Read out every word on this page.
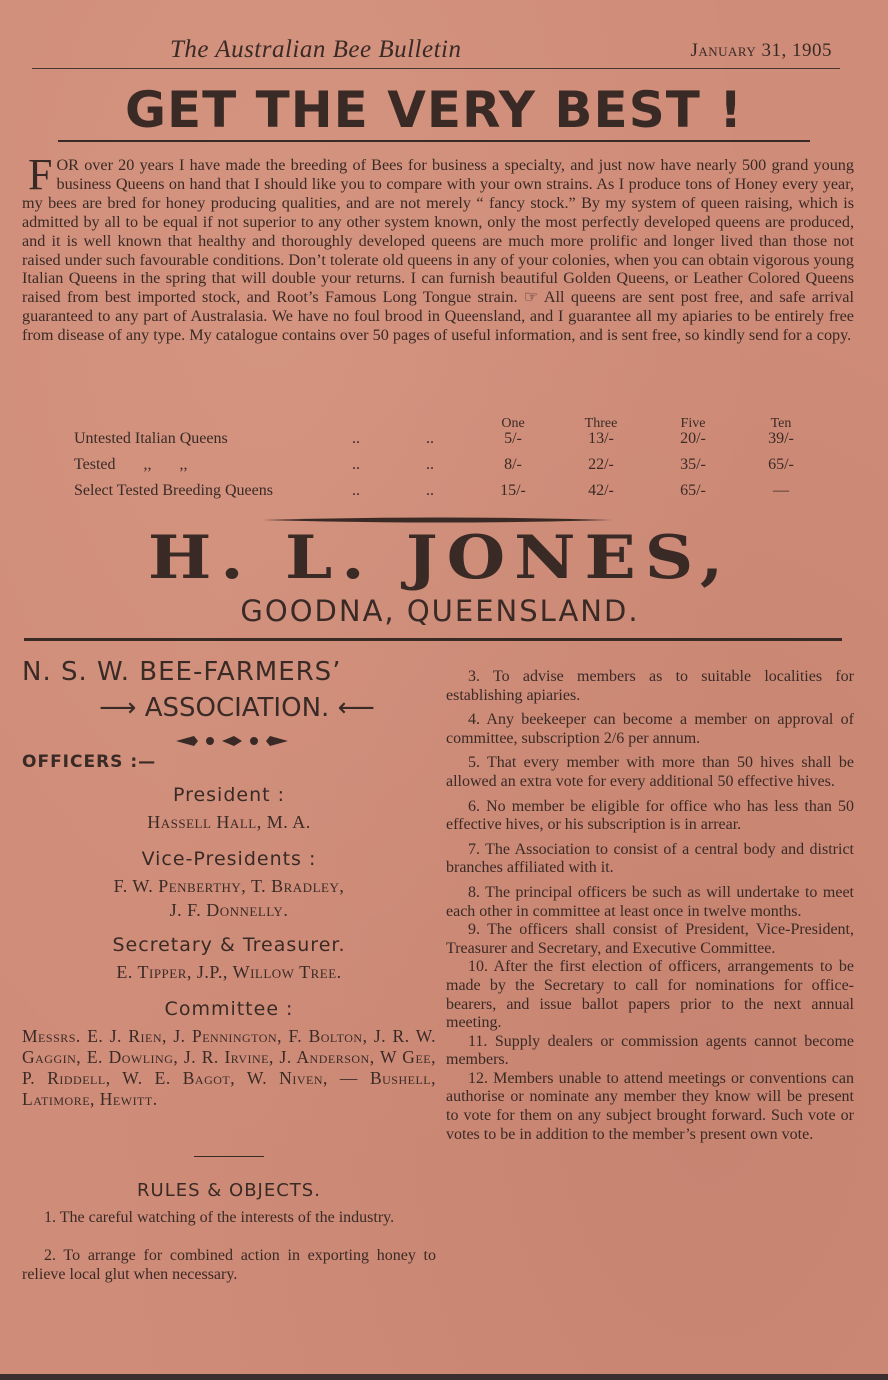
The Australian Bee Bulletin	January 31, 1905
GET THE VERY BEST !
FOR over 20 years I have made the breeding of Bees for business a specialty, and just now have nearly 500 grand young business Queens on hand that I should like you to compare with your own strains. As I produce tons of Honey every year, my bees are bred for honey producing qualities, and are not merely “ fancy stock.” By my system of queen raising, which is admitted by all to be equal if not superior to any other system known, only the most perfectly developed queens are produced, and it is well known that healthy and thoroughly developed queens are much more prolific and longer lived than those not raised under such favourable conditions. Don’t tolerate old queens in any of your colonies, when you can obtain vigorous young Italian Queens in the spring that will double your returns. I can furnish beautiful Golden Queens, or Leather Colored Queens raised from best imported stock, and Root’s Famous Long Tongue strain. ☞ All queens are sent post free, and safe arrival guaranteed to any part of Australasia. We have no foul brood in Queensland, and I guarantee all my apiaries to be entirely free from disease of any type. My catalogue contains over 50 pages of useful information, and is sent free, so kindly send for a copy.
One	Three	Five	Ten
Untested Italian Queens	..	..	5/-	13/-	20/-	39/-
Tested       ,,       ,,	..	..	8/-	22/-	35/-	65/-
Select Tested Breeding Queens	..	..	15/-	42/-	65/-	—
H. L. JONES,
GOODNA, QUEENSLAND.
N. S. W. BEE-FARMERS’
⟶ ASSOCIATION. ⟵
OFFICERS :—
President :
Hassell Hall, M. A.
Vice-Presidents :
F. W. Penberthy, T. Bradley,
J. F. Donnelly.
Secretary & Treasurer.
E. Tipper, J.P., Willow Tree.
Committee :
Messrs. E. J. Rien, J. Pennington, F. Bolton, J. R. W. Gaggin, E. Dowling, J. R. Irvine, J. Anderson, W Gee, P. Riddell, W. E. Bagot, W. Niven, — Bushell, Latimore, Hewitt.
RULES & OBJECTS.
1. The careful watching of the interests of the industry.
2. To arrange for combined action in exporting honey to relieve local glut when necessary.

3. To advise members as to suitable localities for establishing apiaries.

4. Any beekeeper can become a member on approval of committee, subscription 2/6 per annum.

5. That every member with more than 50 hives shall be allowed an extra vote for every additional 50 effective hives.

6. No member be eligible for office who has less than 50 effective hives, or his subscription is in arrear.

7. The Association to consist of a central body and district branches affiliated with it.

8. The principal officers be such as will undertake to meet each other in committee at least once in twelve months.

9. The officers shall consist of President, Vice-President, Treasurer and Secretary, and Executive Committee.

10. After the first election of officers, arrangements to be made by the Secretary to call for nominations for office-bearers, and issue ballot papers prior to the next annual meeting.

11. Supply dealers or commission agents cannot become members.

12. Members unable to attend meetings or conventions can authorise or nominate any member they know will be present to vote for them on any subject brought forward. Such vote or votes to be in addition to the member’s present own vote.
